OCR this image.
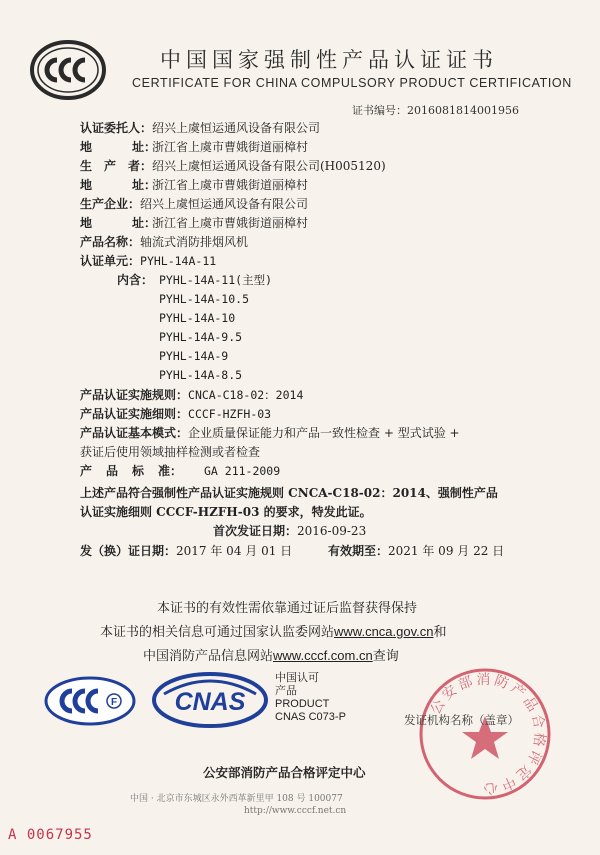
中国国家强制性产品认证证书
CERTIFICATE FOR CHINA COMPULSORY PRODUCT CERTIFICATION
证书编号：2016081814001956
认证委托人：绍兴上虞恒运通风设备有限公司
地	址：浙江省上虞市曹娥街道丽樟村
生 产 者：绍兴上虞恒运通风设备有限公司(H005120)
地	址：浙江省上虞市曹娥街道丽樟村
生产企业：绍兴上虞恒运通风设备有限公司
地	址：浙江省上虞市曹娥街道丽樟村
产品名称：轴流式消防排烟风机
认证单元：PYHL-14A-11
内含： PYHL-14A-11(主型)
PYHL-14A-10.5
PYHL-14A-10
PYHL-14A-9.5
PYHL-14A-9
PYHL-14A-8.5
产品认证实施规则：CNCA-C18-02：2014
产品认证实施细则：CCCF-HZFH-03
产品认证基本模式：企业质量保证能力和产品一致性检查 + 型式试验 +
获证后使用领域抽样检测或者检查
产 品 标 准： GA 211-2009
上述产品符合强制性产品认证实施规则 CNCA-C18-02：2014、强制性产品
认证实施细则 CCCF-HZFH-03 的要求，特发此证。
首次发证日期：2016-09-23
发（换）证日期：2017 年 04 月 01 日	有效期至：2021 年 09 月 22 日
本证书的有效性需依靠通过证后监督获得保持
本证书的相关信息可通过国家认监委网站www.cnca.gov.cn和
中国消防产品信息网站www.cccf.com.cn查询
F CNAS
中国认可
产品
PRODUCT
CNAS C073-P	公安部消防产品合格评定中心
发证机构名称（盖章）
公安部消防产品合格评定中心
中国 · 北京市东城区永外西革新里甲 108 号 100077
http://www.cccf.net.cn
A 0067955
